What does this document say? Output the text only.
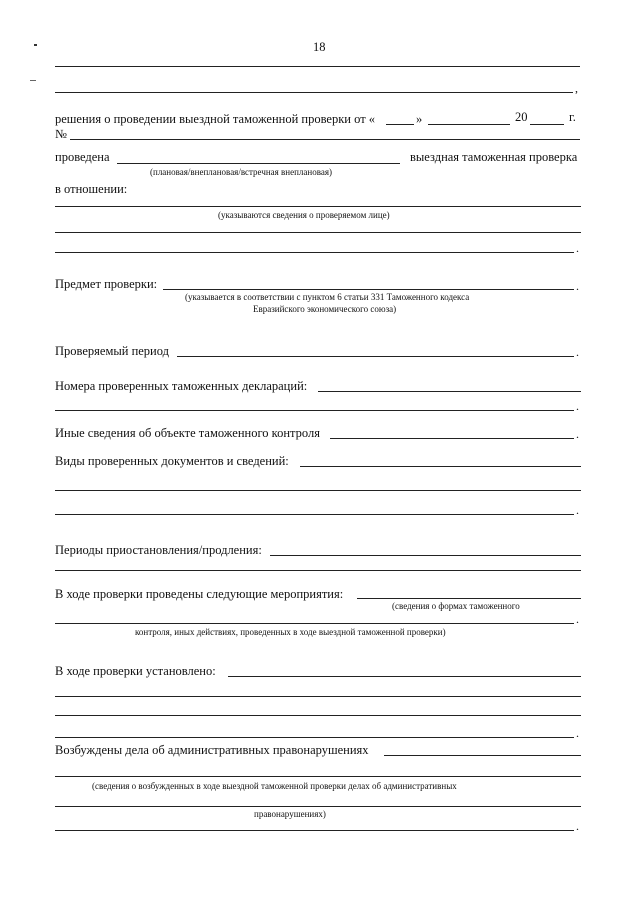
18
,
решения о проведении выездной таможенной проверки от «	»	20	г.
№
проведена	выездная таможенная проверка
(плановая/внеплановая/встречная внеплановая)
в отношении:
(указываются сведения о проверяемом лице)
.
Предмет проверки:	.
(указывается в соответствии с пунктом 6 статьи 331 Таможенного кодекса
Евразийского экономического союза)
Проверяемый период	.
Номера проверенных таможенных деклараций:
.
Иные сведения об объекте таможенного контроля	.
Виды проверенных документов и сведений:
.
Периоды приостановления/продления:
В ходе проверки проведены следующие мероприятия:
(сведения о формах таможенного
.
контроля, иных действиях, проведенных в ходе выездной таможенной проверки)
В ходе проверки установлено:
.
Возбуждены дела об административных правонарушениях
(сведения о возбужденных в ходе выездной таможенной проверки делах об административных
правонарушениях)
.
